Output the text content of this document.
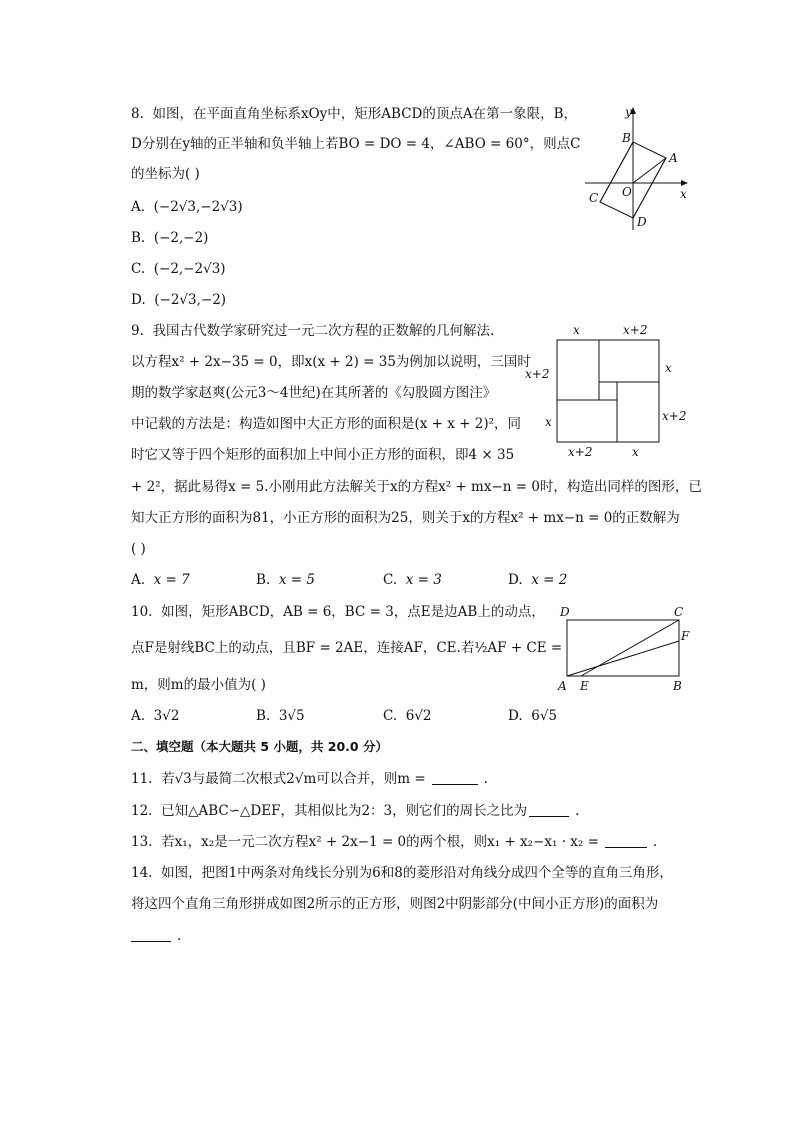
8. 如图，在平面直角坐标系xOy中，矩形ABCD的顶点A在第一象限，B，
D分别在y轴的正半轴和负半轴上若BO = DO = 4，∠ABO = 60°，则点C
的坐标为( )
A. (−2√3,−2√3)
B. (−2,−2)
C. (−2,−2√3)
D. (−2√3,−2)
y
x
O
A
B
C
D
9. 我国古代数学家研究过一元二次方程的正数解的几何解法.
以方程x² + 2x−35 = 0，即x(x + 2) = 35为例加以说明，三国时
期的数学家赵爽(公元3～4世纪)在其所著的《勾股圆方图注》
中记载的方法是：构造如图中大正方形的面积是(x + x + 2)²，同
时它又等于四个矩形的面积加上中间小正方形的面积，即4 × 35
+ 2²，据此易得x = 5.小刚用此方法解关于x的方程x² + mx−n = 0时，构造出同样的图形，已
知大正方形的面积为81，小正方形的面积为25，则关于x的方程x² + mx−n = 0的正数解为
( )
A. x = 7	B. x = 5	C. x = 3	D. x = 2
x	x+2
x+2	x
x+2
x
x+2	x
10. 如图，矩形ABCD，AB = 6，BC = 3，点E是边AB上的动点，
点F是射线BC上的动点，且BF = 2AE，连接AF，CE.若½AF + CE =
m，则m的最小值为( )
A. 3√2	B. 3√5	C. 6√2	D. 6√5
D	C
F
A E	B
二、填空题（本大题共 5 小题，共 20.0 分）
11. 若√3与最简二次根式2√m可以合并，则m =	.
12. 已知△ABC∽△DEF，其相似比为2：3，则它们的周长之比为	.
13. 若x₁，x₂是一元二次方程x² + 2x−1 = 0的两个根，则x₁ + x₂−x₁ · x₂ =	.
14. 如图，把图1中两条对角线长分别为6和8的菱形沿对角线分成四个全等的直角三角形，
将这四个直角三角形拼成如图2所示的正方形，则图2中阴影部分(中间小正方形)的面积为
.
